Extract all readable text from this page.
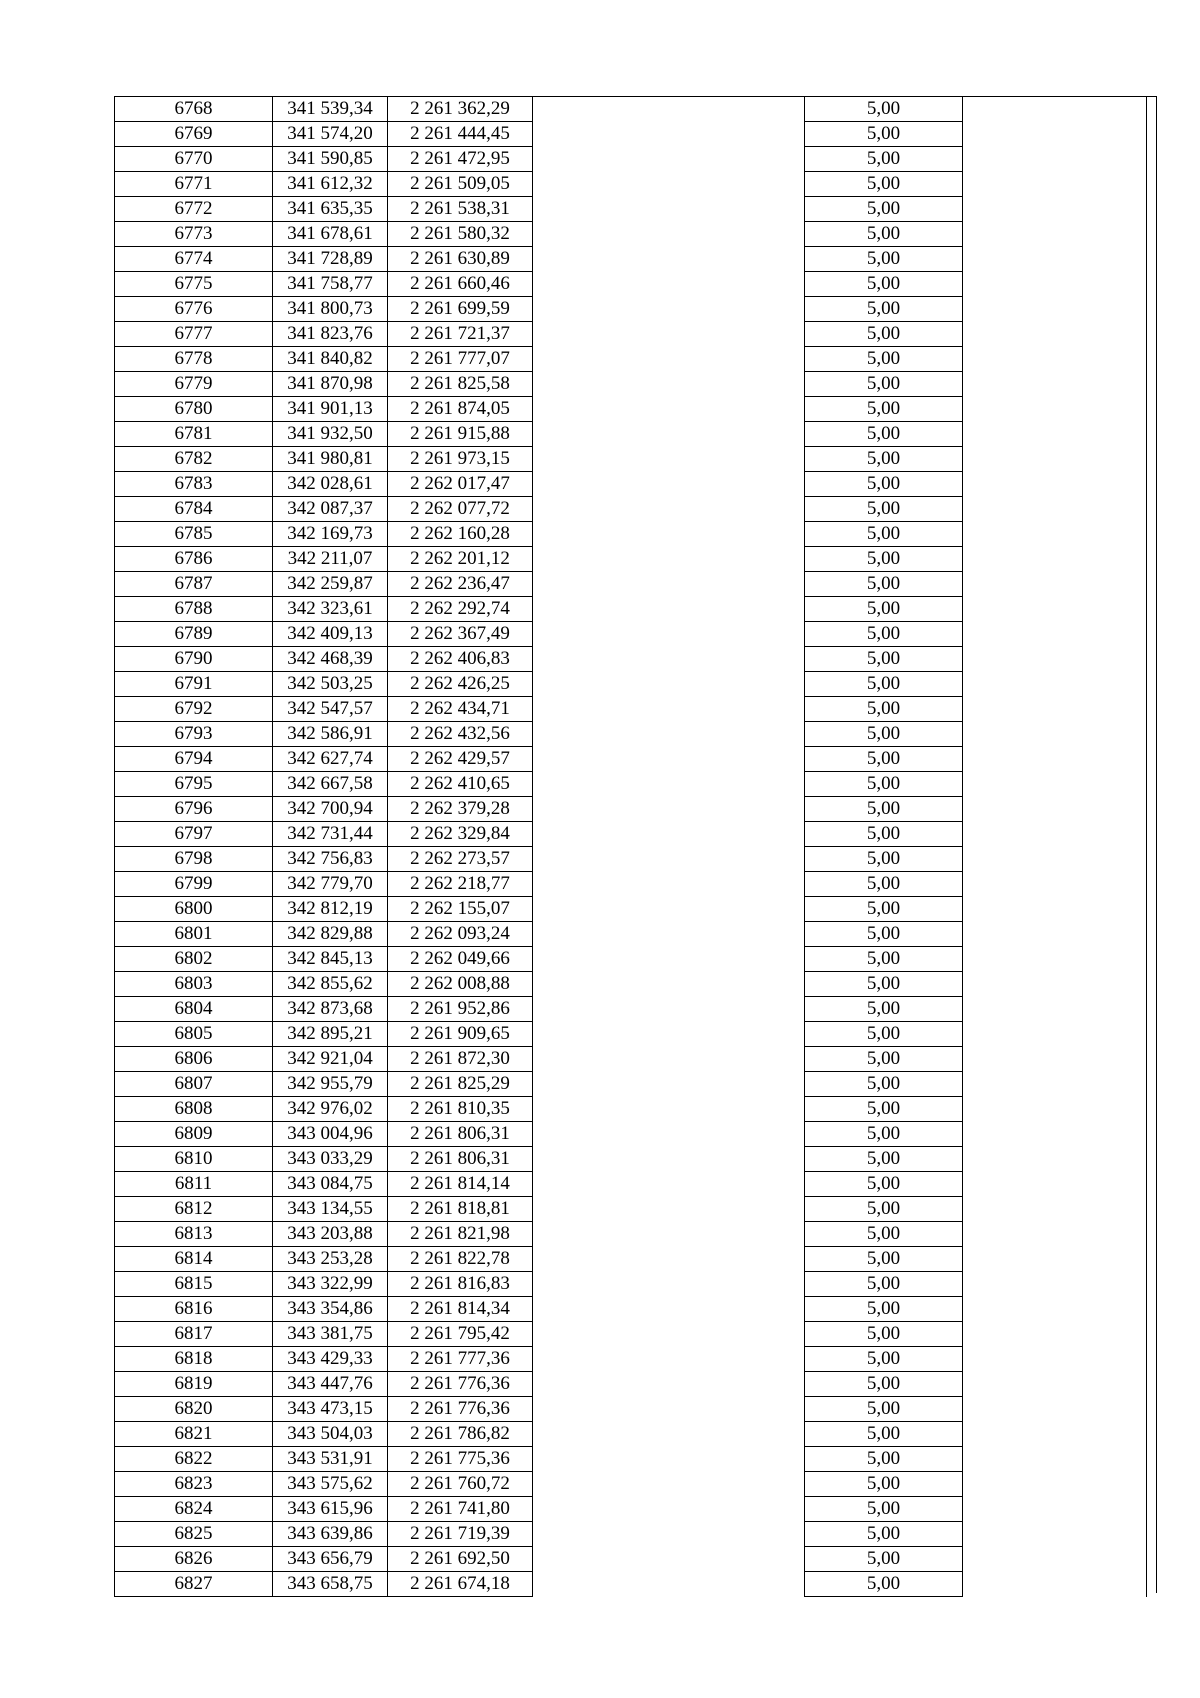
6768	341 539,34	2 261 362,29		5,00	
6769	341 574,20	2 261 444,45		5,00	
6770	341 590,85	2 261 472,95		5,00	
6771	341 612,32	2 261 509,05		5,00	
6772	341 635,35	2 261 538,31		5,00	
6773	341 678,61	2 261 580,32		5,00	
6774	341 728,89	2 261 630,89		5,00	
6775	341 758,77	2 261 660,46		5,00	
6776	341 800,73	2 261 699,59		5,00	
6777	341 823,76	2 261 721,37		5,00	
6778	341 840,82	2 261 777,07		5,00	
6779	341 870,98	2 261 825,58		5,00	
6780	341 901,13	2 261 874,05		5,00	
6781	341 932,50	2 261 915,88		5,00	
6782	341 980,81	2 261 973,15		5,00	
6783	342 028,61	2 262 017,47		5,00	
6784	342 087,37	2 262 077,72		5,00	
6785	342 169,73	2 262 160,28		5,00	
6786	342 211,07	2 262 201,12		5,00	
6787	342 259,87	2 262 236,47		5,00	
6788	342 323,61	2 262 292,74		5,00	
6789	342 409,13	2 262 367,49		5,00	
6790	342 468,39	2 262 406,83		5,00	
6791	342 503,25	2 262 426,25		5,00	
6792	342 547,57	2 262 434,71		5,00	
6793	342 586,91	2 262 432,56		5,00	
6794	342 627,74	2 262 429,57		5,00	
6795	342 667,58	2 262 410,65		5,00	
6796	342 700,94	2 262 379,28		5,00	
6797	342 731,44	2 262 329,84		5,00	
6798	342 756,83	2 262 273,57		5,00	
6799	342 779,70	2 262 218,77		5,00	
6800	342 812,19	2 262 155,07		5,00	
6801	342 829,88	2 262 093,24		5,00	
6802	342 845,13	2 262 049,66		5,00	
6803	342 855,62	2 262 008,88		5,00	
6804	342 873,68	2 261 952,86		5,00	
6805	342 895,21	2 261 909,65		5,00	
6806	342 921,04	2 261 872,30		5,00	
6807	342 955,79	2 261 825,29		5,00	
6808	342 976,02	2 261 810,35		5,00	
6809	343 004,96	2 261 806,31		5,00	
6810	343 033,29	2 261 806,31		5,00	
6811	343 084,75	2 261 814,14		5,00	
6812	343 134,55	2 261 818,81		5,00	
6813	343 203,88	2 261 821,98		5,00	
6814	343 253,28	2 261 822,78		5,00	
6815	343 322,99	2 261 816,83		5,00	
6816	343 354,86	2 261 814,34		5,00	
6817	343 381,75	2 261 795,42		5,00	
6818	343 429,33	2 261 777,36		5,00	
6819	343 447,76	2 261 776,36		5,00	
6820	343 473,15	2 261 776,36		5,00	
6821	343 504,03	2 261 786,82		5,00	
6822	343 531,91	2 261 775,36		5,00	
6823	343 575,62	2 261 760,72		5,00	
6824	343 615,96	2 261 741,80		5,00	
6825	343 639,86	2 261 719,39		5,00	
6826	343 656,79	2 261 692,50		5,00	
6827	343 658,75	2 261 674,18		5,00	
